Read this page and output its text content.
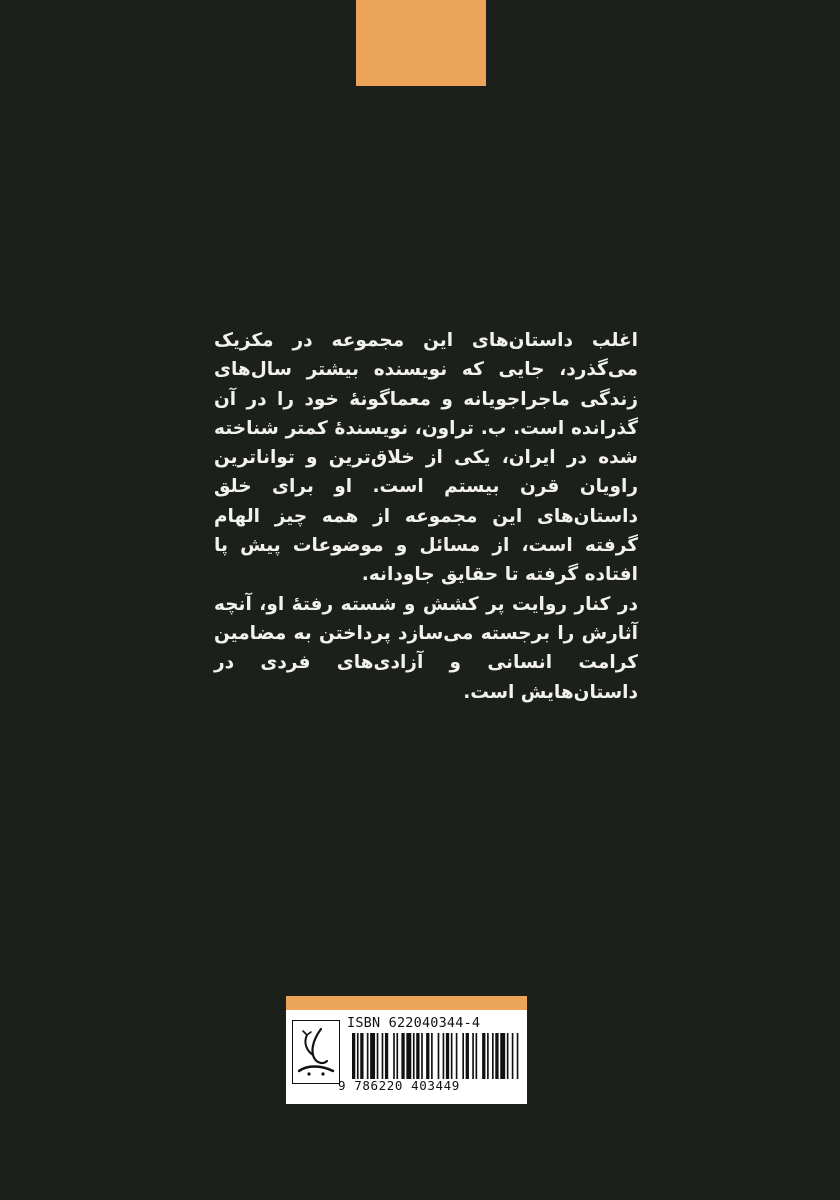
اغلب داستان‌های این مجموعه در مکزیک می‌گذرد، جایی که نویسنده بیشتر سال‌های زندگی ماجراجویانه و معماگونهٔ خود را در آن گذرانده است. ب. تراون، نویسندهٔ کمتر شناخته شده در ایران، یکی از خلاق‌ترین و تواناترین راویان قرن بیستم است. او برای خلق داستان‌های این مجموعه از همه چیز الهام گرفته است، از مسائل و موضوعات پیش پا افتاده گرفته تا حقایق جاودانه.

در کنار روایت پر کشش و شسته رفتهٔ او، آنچه آثارش را برجسته می‌سازد پرداختن به مضامین کرامت انسانی و آزادی‌های فردی در داستان‌هایش است.

ISBN 622040344-4
9 786220 403449
